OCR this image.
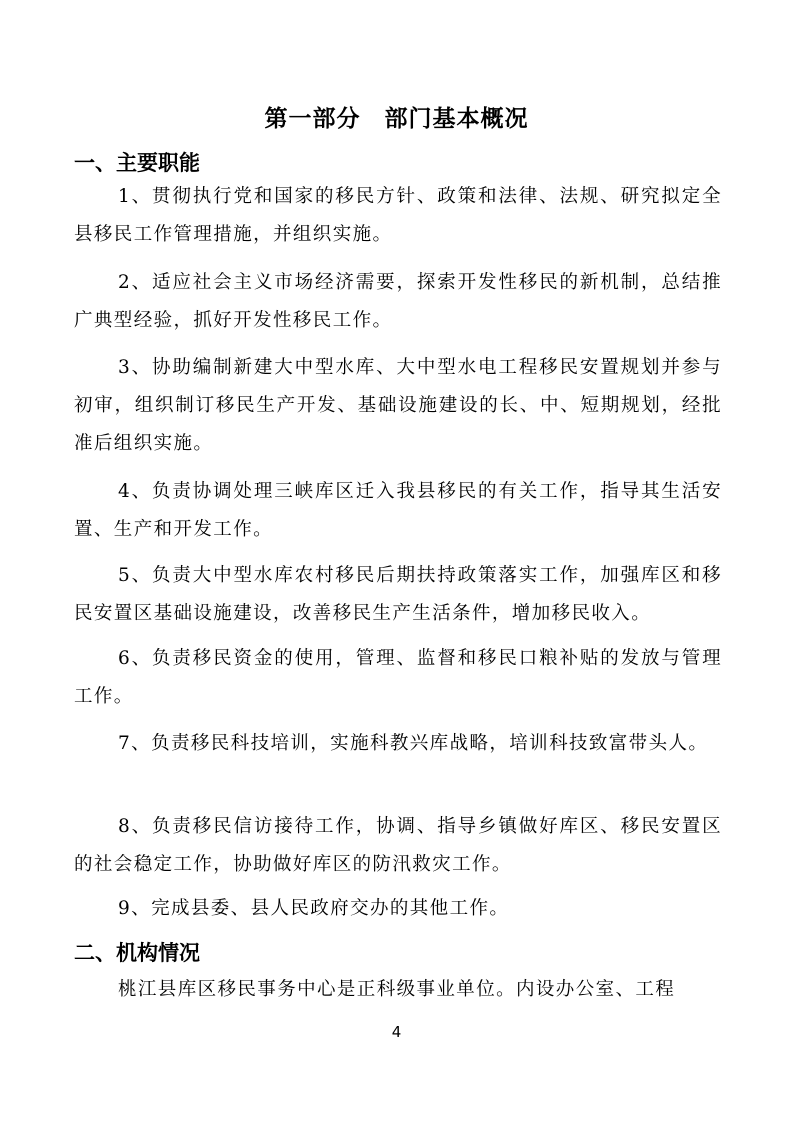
第一部分　部门基本概况
一、主要职能

1、贯彻执行党和国家的移民方针、政策和法律、法规、研究拟定全县移民工作管理措施，并组织实施。

2、适应社会主义市场经济需要，探索开发性移民的新机制，总结推广典型经验，抓好开发性移民工作。

3、协助编制新建大中型水库、大中型水电工程移民安置规划并参与初审，组织制订移民生产开发、基础设施建设的长、中、短期规划，经批准后组织实施。

4、负责协调处理三峡库区迁入我县移民的有关工作，指导其生活安置、生产和开发工作。

5、负责大中型水库农村移民后期扶持政策落实工作，加强库区和移民安置区基础设施建设，改善移民生产生活条件，增加移民收入。

6、负责移民资金的使用，管理、监督和移民口粮补贴的发放与管理工作。

7、负责移民科技培训，实施科教兴库战略，培训科技致富带头人。

8、负责移民信访接待工作，协调、指导乡镇做好库区、移民安置区的社会稳定工作，协助做好库区的防汛救灾工作。

9、完成县委、县人民政府交办的其他工作。

二、机构情况

桃江县库区移民事务中心是正科级事业单位。内设办公室、工程

4
